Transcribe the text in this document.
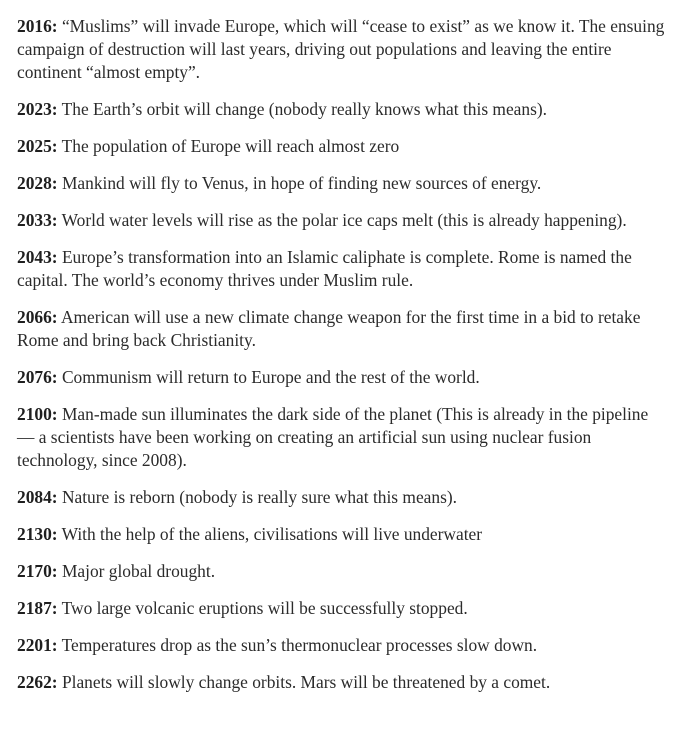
2016: “Muslims” will invade Europe, which will “cease to exist” as we know it. The ensuing campaign of destruction will last years, driving out populations and leaving the entire continent “almost empty”.

2023: The Earth’s orbit will change (nobody really knows what this means).

2025: The population of Europe will reach almost zero

2028: Mankind will fly to Venus, in hope of finding new sources of energy.

2033: World water levels will rise as the polar ice caps melt (this is already happening).

2043: Europe’s transformation into an Islamic caliphate is complete. Rome is named the capital. The world’s economy thrives under Muslim rule.

2066: American will use a new climate change weapon for the first time in a bid to retake Rome and bring back Christianity.

2076: Communism will return to Europe and the rest of the world.

2100: Man-made sun illuminates the dark side of the planet (This is already in the pipeline — a scientists have been working on creating an artificial sun using nuclear fusion technology, since 2008).

2084: Nature is reborn (nobody is really sure what this means).

2130: With the help of the aliens, civilisations will live underwater

2170: Major global drought.

2187: Two large volcanic eruptions will be successfully stopped.

2201: Temperatures drop as the sun’s thermonuclear processes slow down.

2262: Planets will slowly change orbits. Mars will be threatened by a comet.
